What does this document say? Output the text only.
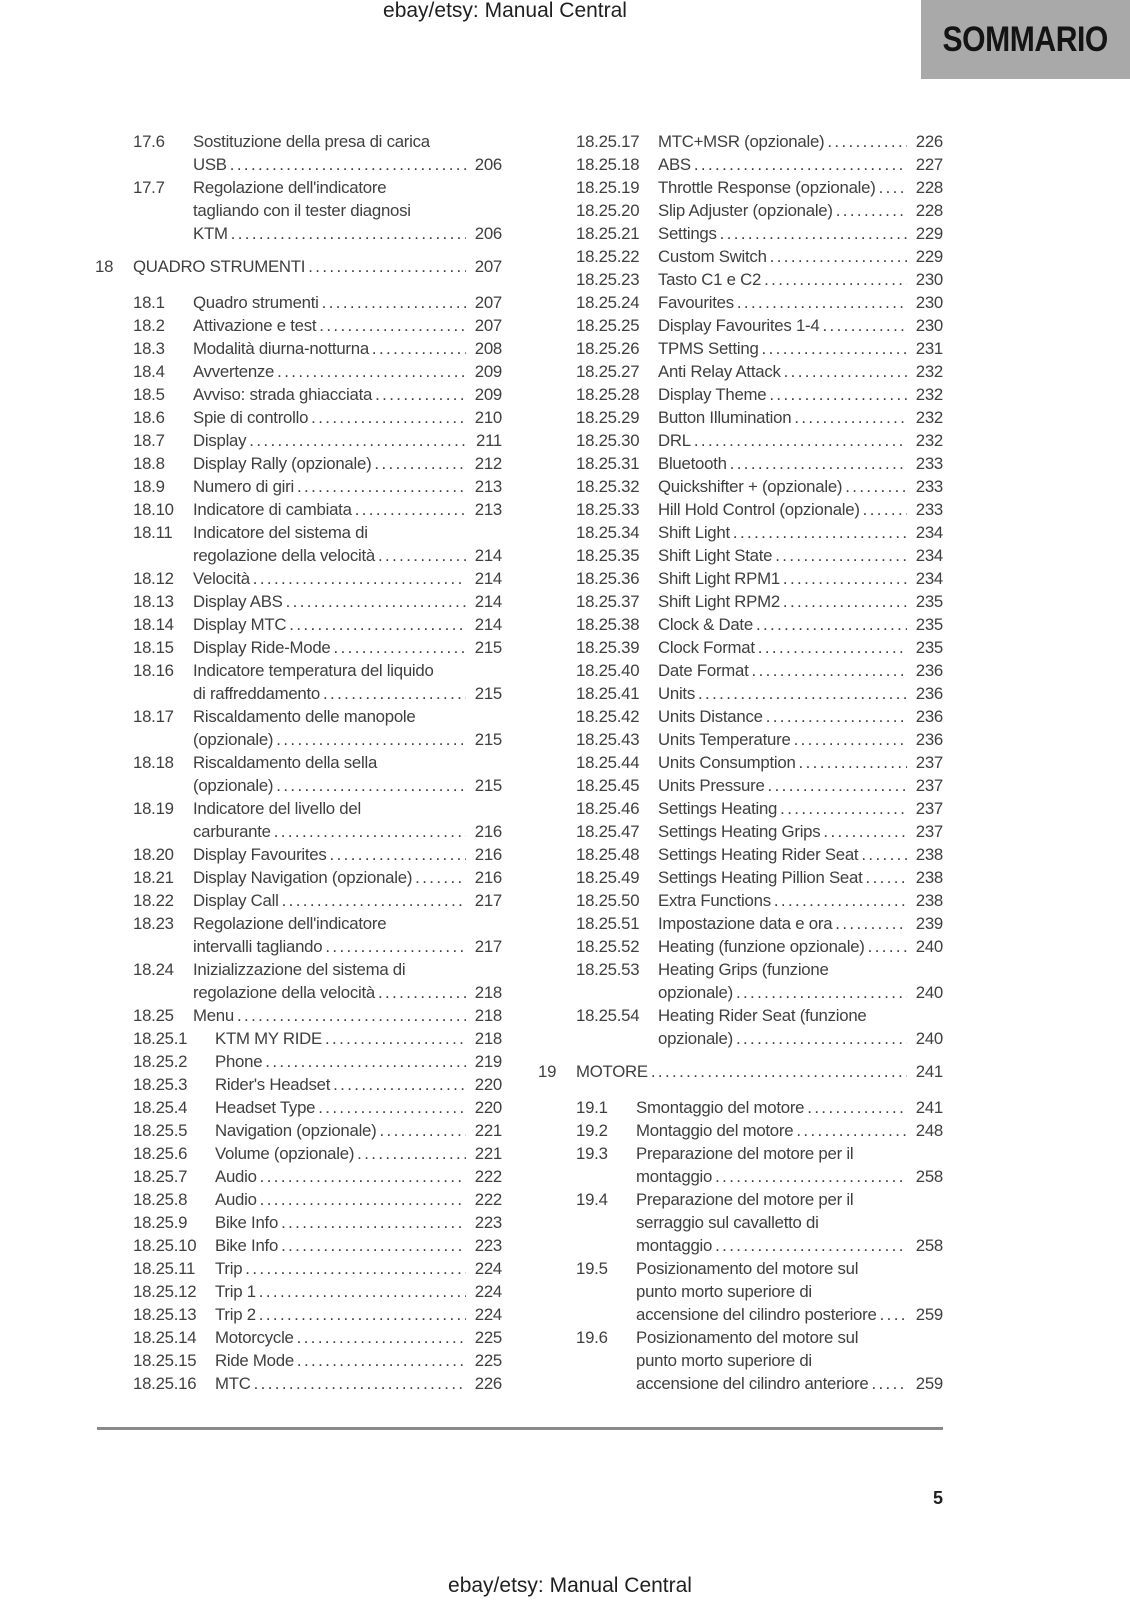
ebay/etsy: Manual Central
SOMMARIO
17.6	Sostituzione della presa di carica
USB .....	206
17.7	Regolazione dell'indicatore
tagliando con il tester diagnosi
KTM .....	206
18	QUADRO STRUMENTI .....	207
18.1	Quadro strumenti .....	207
18.2	Attivazione e test .....	207
18.3	Modalità diurna-notturna .....	208
18.4	Avvertenze .....	209
18.5	Avviso: strada ghiacciata .....	209
18.6	Spie di controllo .....	210
18.7	Display .....	211
18.8	Display Rally (opzionale) .....	212
18.9	Numero di giri .....	213
18.10	Indicatore di cambiata .....	213
18.11	Indicatore del sistema di
regolazione della velocità .....	214
18.12	Velocità .....	214
18.13	Display ABS .....	214
18.14	Display MTC .....	214
18.15	Display Ride-Mode .....	215
18.16	Indicatore temperatura del liquido
di raffreddamento .....	215
18.17	Riscaldamento delle manopole
(opzionale) .....	215
18.18	Riscaldamento della sella
(opzionale) .....	215
18.19	Indicatore del livello del
carburante .....	216
18.20	Display Favourites .....	216
18.21	Display Navigation (opzionale) .....	216
18.22	Display Call .....	217
18.23	Regolazione dell'indicatore
intervalli tagliando .....	217
18.24	Inizializzazione del sistema di
regolazione della velocità .....	218
18.25	Menu .....	218
18.25.1	KTM MY RIDE .....	218
18.25.2	Phone .....	219
18.25.3	Rider's Headset .....	220
18.25.4	Headset Type .....	220
18.25.5	Navigation (opzionale) .....	221
18.25.6	Volume (opzionale) .....	221
18.25.7	Audio .....	222
18.25.8	Audio .....	222
18.25.9	Bike Info .....	223
18.25.10	Bike Info .....	223
18.25.11	Trip .....	224
18.25.12	Trip 1 .....	224
18.25.13	Trip 2 .....	224
18.25.14	Motorcycle .....	225
18.25.15	Ride Mode .....	225
18.25.16	MTC .....	226
18.25.17	MTC+MSR (opzionale) .....	226
18.25.18	ABS .....	227
18.25.19	Throttle Response (opzionale) ..... 228
18.25.20	Slip Adjuster (opzionale) .....	228
18.25.21	Settings .....	229
18.25.22	Custom Switch .....	229
18.25.23	Tasto C1 e C2 .....	230
18.25.24	Favourites .....	230
18.25.25	Display Favourites 1-4 .....	230
18.25.26	TPMS Setting .....	231
18.25.27	Anti Relay Attack .....	232
18.25.28	Display Theme .....	232
18.25.29	Button Illumination .....	232
18.25.30	DRL .....	232
18.25.31	Bluetooth .....	233
18.25.32	Quickshifter + (opzionale) .....	233
18.25.33	Hill Hold Control (opzionale) .....	233
18.25.34	Shift Light .....	234
18.25.35	Shift Light State .....	234
18.25.36	Shift Light RPM1 .....	234
18.25.37	Shift Light RPM2 .....	235
18.25.38	Clock & Date .....	235
18.25.39	Clock Format .....	235
18.25.40	Date Format .....	236
18.25.41	Units .....	236
18.25.42	Units Distance .....	236
18.25.43	Units Temperature .....	236
18.25.44	Units Consumption .....	237
18.25.45	Units Pressure .....	237
18.25.46	Settings Heating .....	237
18.25.47	Settings Heating Grips .....	237
18.25.48	Settings Heating Rider Seat .....	238
18.25.49	Settings Heating Pillion Seat .....	238
18.25.50	Extra Functions .....	238
18.25.51	Impostazione data e ora .....	239
18.25.52	Heating (funzione opzionale) .....	240
18.25.53	Heating Grips (funzione
opzionale) .....	240
18.25.54	Heating Rider Seat (funzione
opzionale) .....	240
19	MOTORE .....	241
19.1	Smontaggio del motore .....	241
19.2	Montaggio del motore .....	248
19.3	Preparazione del motore per il
montaggio .....	258
19.4	Preparazione del motore per il
serraggio sul cavalletto di
montaggio .....	258
19.5	Posizionamento del motore sul
punto morto superiore di
accensione del cilindro posteriore ..... 259
19.6	Posizionamento del motore sul
punto morto superiore di
accensione del cilindro anteriore .....	259
5
ebay/etsy: Manual Central
